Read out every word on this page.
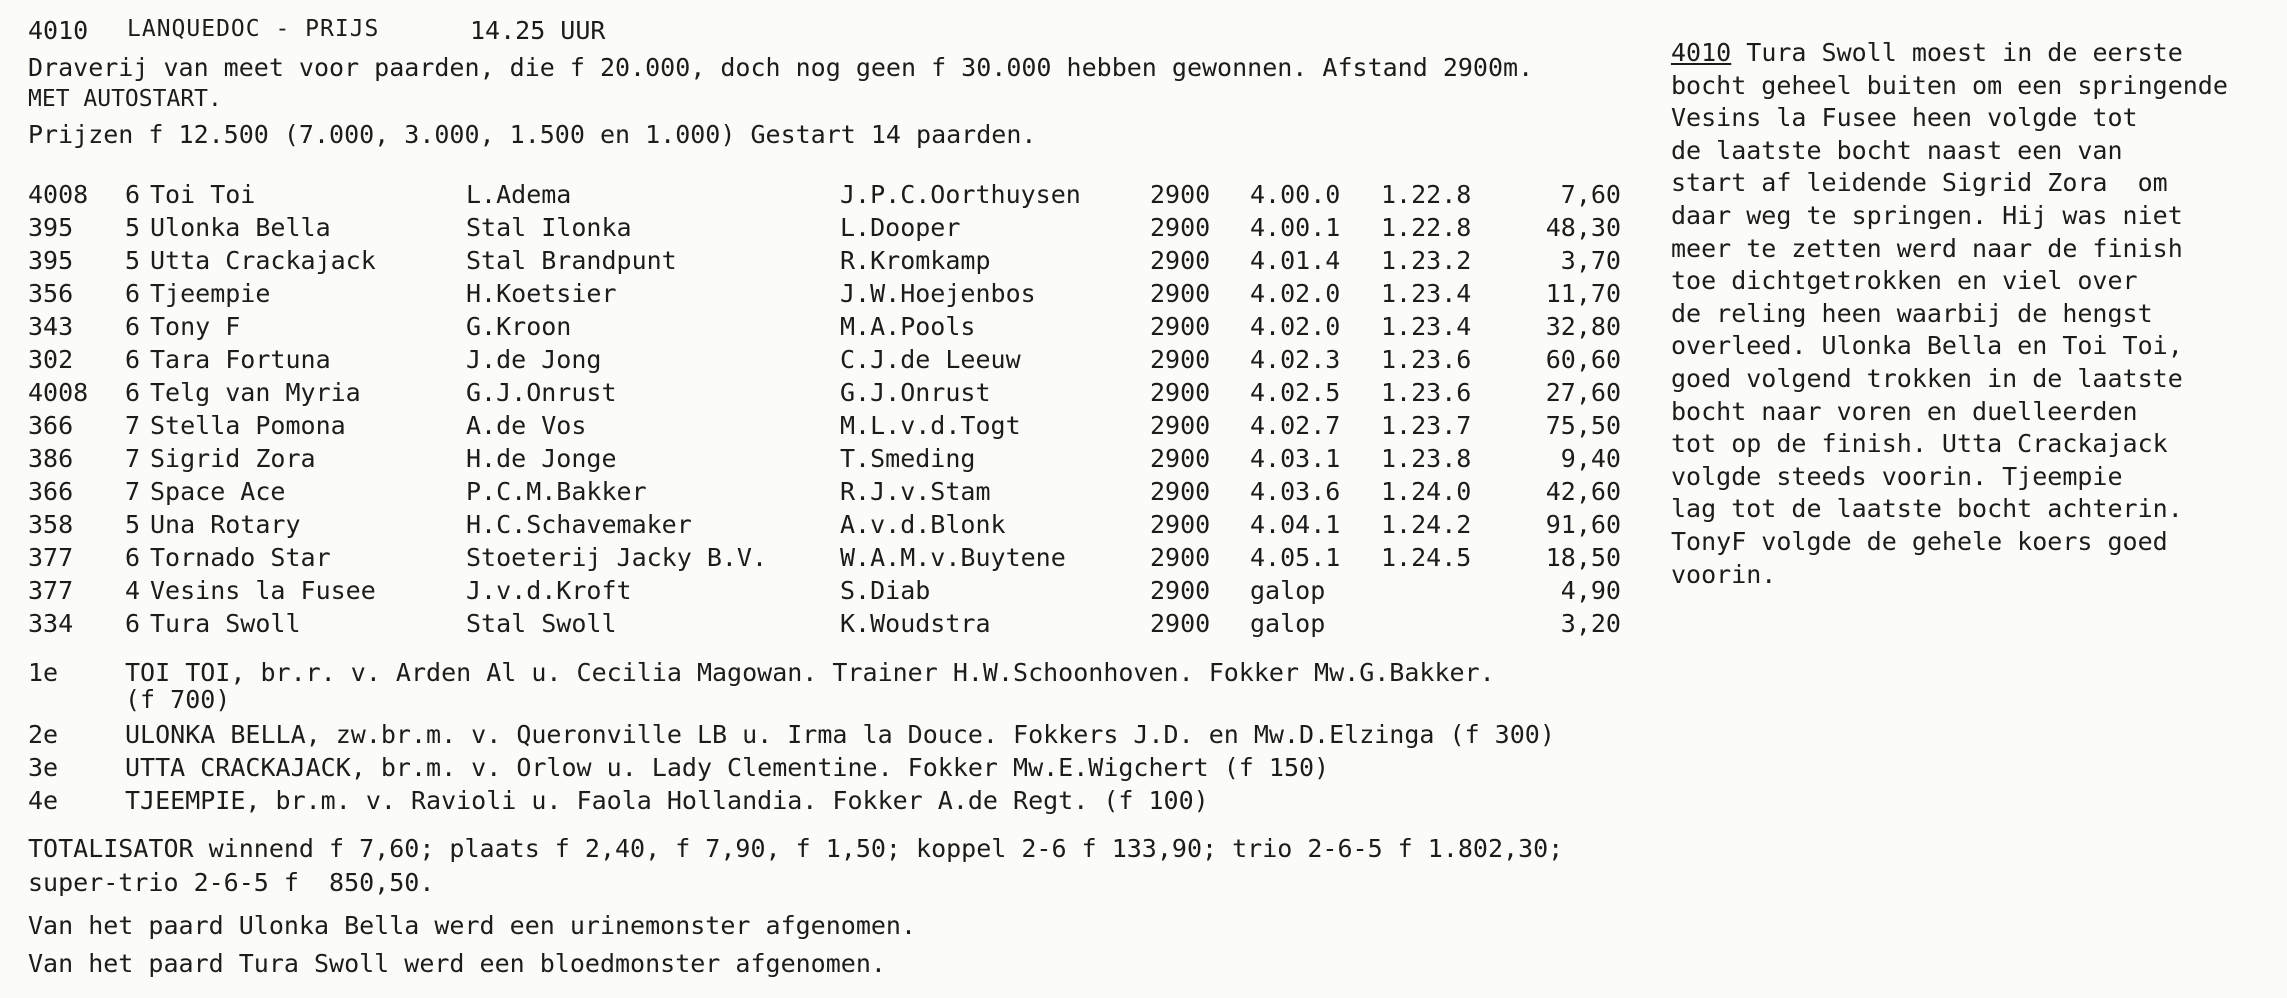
4010 LANQUEDOC - PRIJS	14.25 UUR
Draverij van meet voor paarden, die f 20.000, doch nog geen f 30.000 hebben gewonnen. Afstand 2900m.
MET AUTOSTART.
Prijzen f 12.500 (7.000, 3.000, 1.500 en 1.000) Gestart 14 paarden.
4008 6 Toi Toi	L.Adema	J.P.C.Oorthuysen	2900 4.00.0 1.22.8	7,60
395 5 Ulonka Bella	Stal Ilonka	L.Dooper	2900 4.00.1 1.22.8	48,30
395 5 Utta Crackajack	Stal Brandpunt	R.Kromkamp	2900 4.01.4 1.23.2	3,70
356 6 Tjeempie	H.Koetsier	J.W.Hoejenbos	2900 4.02.0 1.23.4	11,70
343 6 Tony F	G.Kroon	M.A.Pools	2900 4.02.0 1.23.4	32,80
302 6 Tara Fortuna	J.de Jong	C.J.de Leeuw	2900 4.02.3 1.23.6	60,60
4008 6 Telg van Myria	G.J.Onrust	G.J.Onrust	2900 4.02.5 1.23.6	27,60
366 7 Stella Pomona	A.de Vos	M.L.v.d.Togt	2900 4.02.7 1.23.7	75,50
386 7 Sigrid Zora	H.de Jonge	T.Smeding	2900 4.03.1 1.23.8	9,40
366 7 Space Ace	P.C.M.Bakker	R.J.v.Stam	2900 4.03.6 1.24.0	42,60
358 5 Una Rotary	H.C.Schavemaker	A.v.d.Blonk	2900 4.04.1 1.24.2	91,60
377 6 Tornado Star	Stoeterij Jacky B.V.	W.A.M.v.Buytene	2900 4.05.1 1.24.5	18,50
377 4 Vesins la Fusee	J.v.d.Kroft	S.Diab	2900 galop	4,90
334 6 Tura Swoll	Stal Swoll	K.Woudstra	2900 galop	3,20
1e	TOI TOI, br.r. v. Arden Al u. Cecilia Magowan. Trainer H.W.Schoonhoven. Fokker Mw.G.Bakker.
(f 700)
2e	ULONKA BELLA, zw.br.m. v. Queronville LB u. Irma la Douce. Fokkers J.D. en Mw.D.Elzinga (f 300)
3e	UTTA CRACKAJACK, br.m. v. Orlow u. Lady Clementine. Fokker Mw.E.Wigchert (f 150)
4e	TJEEMPIE, br.m. v. Ravioli u. Faola Hollandia. Fokker A.de Regt. (f 100)
TOTALISATOR winnend f 7,60; plaats f 2,40, f 7,90, f 1,50; koppel 2-6 f 133,90; trio 2-6-5 f 1.802,30;
super-trio 2-6-5 f  850,50.
Van het paard Ulonka Bella werd een urinemonster afgenomen.
Van het paard Tura Swoll werd een bloedmonster afgenomen.
4010 Tura Swoll moest in de eerste
bocht geheel buiten om een springende
Vesins la Fusee heen volgde tot
de laatste bocht naast een van
start af leidende Sigrid Zora  om
daar weg te springen. Hij was niet
meer te zetten werd naar de finish
toe dichtgetrokken en viel over
de reling heen waarbij de hengst
overleed. Ulonka Bella en Toi Toi,
goed volgend trokken in de laatste
bocht naar voren en duelleerden
tot op de finish. Utta Crackajack
volgde steeds voorin. Tjeempie
lag tot de laatste bocht achterin.
TonyF volgde de gehele koers goed
voorin.
